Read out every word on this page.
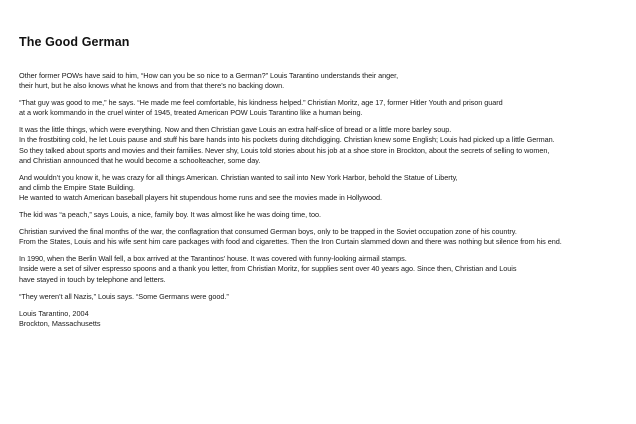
The Good German
Other former POWs have said to him, “How can you be so nice to a German?” Louis Tarantino understands their anger,
their hurt, but he also knows what he knows and from that there’s no backing down.
“That guy was good to me,” he says. “He made me feel comfortable, his kindness helped.” Christian Moritz, age 17, former Hitler Youth and prison guard
at a work kommando in the cruel winter of 1945, treated American POW Louis Tarantino like a human being.
It was the little things, which were everything. Now and then Christian gave Louis an extra half-slice of bread or a little more barley soup.
In the frostbiting cold, he let Louis pause and stuff his bare hands into his pockets during ditchdigging. Christian knew some English; Louis had picked up a little German.
So they talked about sports and movies and their families. Never shy, Louis told stories about his job at a shoe store in Brockton, about the secrets of selling to women,
and Christian announced that he would become a schoolteacher, some day.
And wouldn’t you know it, he was crazy for all things American. Christian wanted to sail into New York Harbor, behold the Statue of Liberty,
and climb the Empire State Building.
He wanted to watch American baseball players hit stupendous home runs and see the movies made in Hollywood.
The kid was “a peach,” says Louis, a nice, family boy. It was almost like he was doing time, too.
Christian survived the final months of the war, the conflagration that consumed German boys, only to be trapped in the Soviet occupation zone of his country.
From the States, Louis and his wife sent him care packages with food and cigarettes. Then the Iron Curtain slammed down and there was nothing but silence from his end.
In 1990, when the Berlin Wall fell, a box arrived at the Tarantinos’ house. It was covered with funny-looking airmail stamps.
Inside were a set of silver espresso spoons and a thank you letter, from Christian Moritz, for supplies sent over 40 years ago. Since then, Christian and Louis
have stayed in touch by telephone and letters.
“They weren’t all Nazis,” Louis says. “Some Germans were good.”
Louis Tarantino, 2004
Brockton, Massachusetts
